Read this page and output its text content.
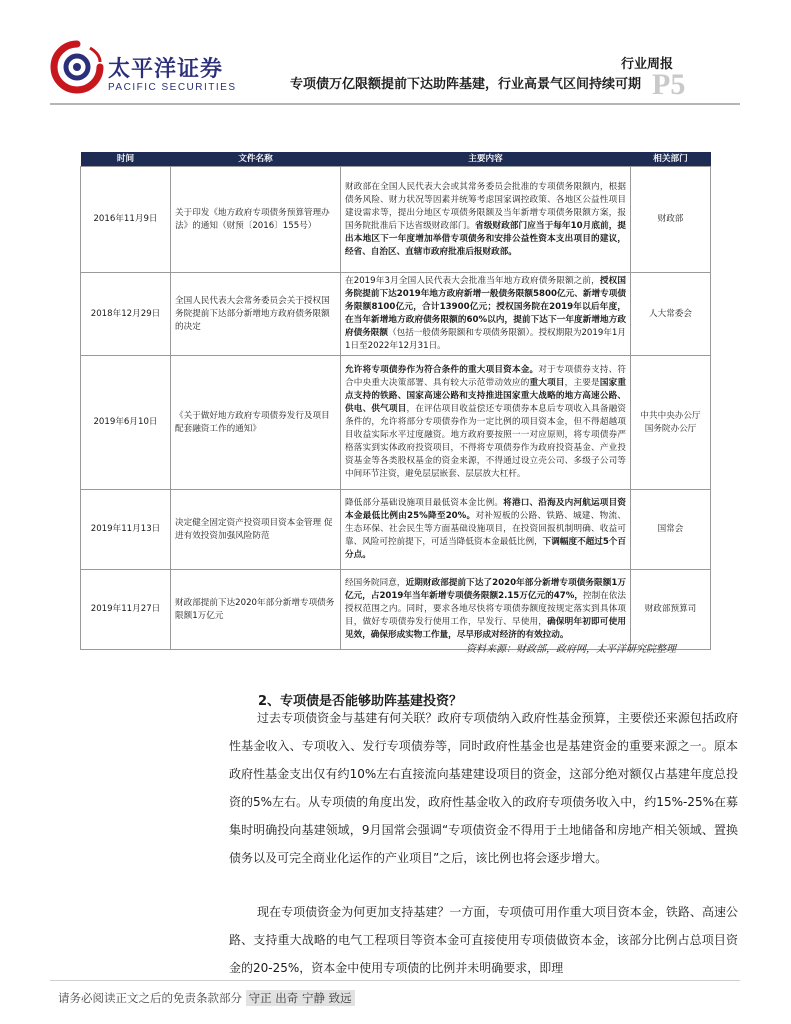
太平洋证券
PACIFIC SECURITIES
行业周报
专项债万亿限额提前下达助阵基建，行业高景气区间持续可期 P5
时间	文件名称	主要内容	相关部门
2016年11月9日	关于印发《地方政府专项债务预算管理办法》的通知（财预〔2016〕155号）	财政部在全国人民代表大会或其常务委员会批准的专项债务限额内，根据债务风险、财力状况等因素并统筹考虑国家调控政策、各地区公益性项目建设需求等，提出分地区专项债务限额及当年新增专项债务限额方案，报国务院批准后下达省级财政部门。省级财政部门应当于每年10月底前，提出本地区下一年度增加举借专项债务和安排公益性资本支出项目的建议，经省、自治区、直辖市政府批准后报财政部。	财政部
2018年12月29日	全国人民代表大会常务委员会关于授权国务院提前下达部分新增地方政府债务限额的决定	在2019年3月全国人民代表大会批准当年地方政府债务限额之前，授权国务院提前下达2019年地方政府新增一般债务限额5800亿元、新增专项债务限额8100亿元，合计13900亿元；授权国务院在2019年以后年度，在当年新增地方政府债务限额的60%以内，提前下达下一年度新增地方政府债务限额（包括一般债务限额和专项债务限额）。授权期限为2019年1月1日至2022年12月31日。	人大常委会
2019年6月10日	《关于做好地方政府专项债券发行及项目配套融资工作的通知》	允许将专项债券作为符合条件的重大项目资本金。对于专项债券支持、符合中央重大决策部署、具有较大示范带动效应的重大项目，主要是国家重点支持的铁路、国家高速公路和支持推进国家重大战略的地方高速公路、供电、供气项目，在评估项目收益偿还专项债券本息后专项收入具备融资条件的，允许将部分专项债券作为一定比例的项目资本金，但不得超越项目收益实际水平过度融资。地方政府要按照一一对应原则，将专项债券严格落实到实体政府投资项目，不得将专项债券作为政府投资基金、产业投资基金等各类股权基金的资金来源，不得通过设立壳公司、多级子公司等中间环节注资，避免层层嵌套、层层放大杠杆。	中共中央办公厅 国务院办公厅
2019年11月13日	决定健全固定资产投资项目资本金管理 促进有效投资加强风险防范	降低部分基础设施项目最低资本金比例。将港口、沿海及内河航运项目资本金最低比例由25%降至20%。对补短板的公路、铁路、城建、物流、生态环保、社会民生等方面基础设施项目，在投资回报机制明确、收益可靠、风险可控前提下，可适当降低资本金最低比例，下调幅度不超过5个百分点。	国常会
2019年11月27日	财政部提前下达2020年部分新增专项债务限额1万亿元	经国务院同意，近期财政部提前下达了2020年部分新增专项债务限额1万亿元，占2019年当年新增专项债务限额2.15万亿元的47%，控制在依法授权范围之内。同时，要求各地尽快将专项债券额度按规定落实到具体项目，做好专项债券发行使用工作，早发行、早使用，确保明年初即可使用见效，确保形成实物工作量，尽早形成对经济的有效拉动。	财政部预算司
资料来源：财政部，政府网，太平洋研究院整理
2、专项债是否能够助阵基建投资？
过去专项债资金与基建有何关联？政府专项债纳入政府性基金预算，主要偿还来源包括政府性基金收入、专项收入、发行专项债券等，同时政府性基金也是基建资金的重要来源之一。原本政府性基金支出仅有约10%左右直接流向基建建设项目的资金，这部分绝对额仅占基建年度总投资的5%左右。从专项债的角度出发，政府性基金收入的政府专项债务收入中，约15%-25%在募集时明确投向基建领域，9月国常会强调“专项债资金不得用于土地储备和房地产相关领域、置换债务以及可完全商业化运作的产业项目”之后，该比例也将会逐步增大。
现在专项债资金为何更加支持基建？一方面，专项债可用作重大项目资本金，铁路、高速公路、支持重大战略的电气工程项目等资本金可直接使用专项债做资本金，该部分比例占总项目资金的20-25%，资本金中使用专项债的比例并未明确要求，即理
请务必阅读正文之后的免责条款部分 守正 出奇 宁静 致远
